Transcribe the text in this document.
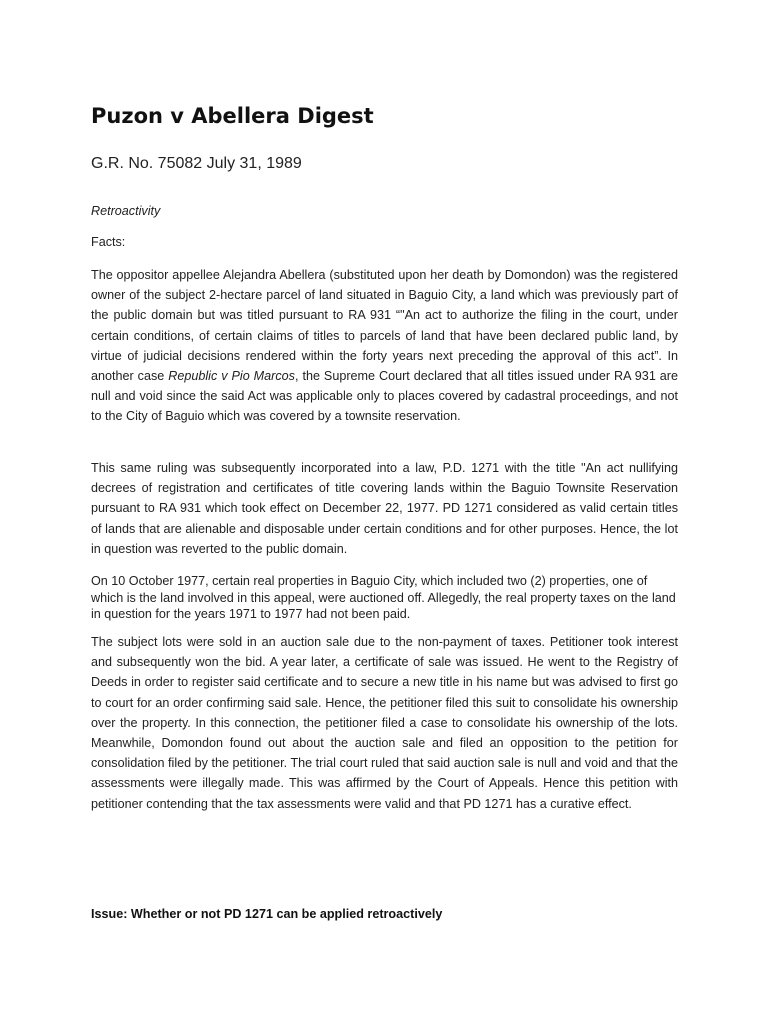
Puzon v Abellera Digest

G.R. No. 75082 July 31, 1989

Retroactivity

Facts:

The oppositor appellee Alejandra Abellera (substituted upon her death by Domondon) was the registered owner of the subject 2-hectare parcel of land situated in Baguio City, a land which was previously part of the public domain but was titled pursuant to RA 931 “"An act to authorize the filing in the court, under certain conditions, of certain claims of titles to parcels of land that have been declared public land, by virtue of judicial decisions rendered within the forty years next preceding the approval of this act”. In another case Republic v Pio Marcos, the Supreme Court declared that all titles issued under RA 931 are null and void since the said Act was applicable only to places covered by cadastral proceedings, and not to the City of Baguio which was covered by a townsite reservation.

This same ruling was subsequently incorporated into a law, P.D. 1271 with the title "An act nullifying decrees of registration and certificates of title covering lands within the Baguio Townsite Reservation pursuant to RA 931 which took effect on December 22, 1977. PD 1271 considered as valid certain titles of lands that are alienable and disposable under certain conditions and for other purposes. Hence, the lot in question was reverted to the public domain.

On 10 October 1977, certain real properties in Baguio City, which included two (2) properties, one of which is the land involved in this appeal, were auctioned off. Allegedly, the real property taxes on the land in question for the years 1971 to 1977 had not been paid.

The subject lots were sold in an auction sale due to the non-payment of taxes. Petitioner took interest and subsequently won the bid. A year later, a certificate of sale was issued. He went to the Registry of Deeds in order to register said certificate and to secure a new title in his name but was advised to first go to court for an order confirming said sale. Hence, the petitioner filed this suit to consolidate his ownership over the property. In this connection, the petitioner filed a case to consolidate his ownership of the lots. Meanwhile, Domondon found out about the auction sale and filed an opposition to the petition for consolidation filed by the petitioner. The trial court ruled that said auction sale is null and void and that the assessments were illegally made. This was affirmed by the Court of Appeals. Hence this petition with petitioner contending that the tax assessments were valid and that PD 1271 has a curative effect.

Issue: Whether or not PD 1271 can be applied retroactively
